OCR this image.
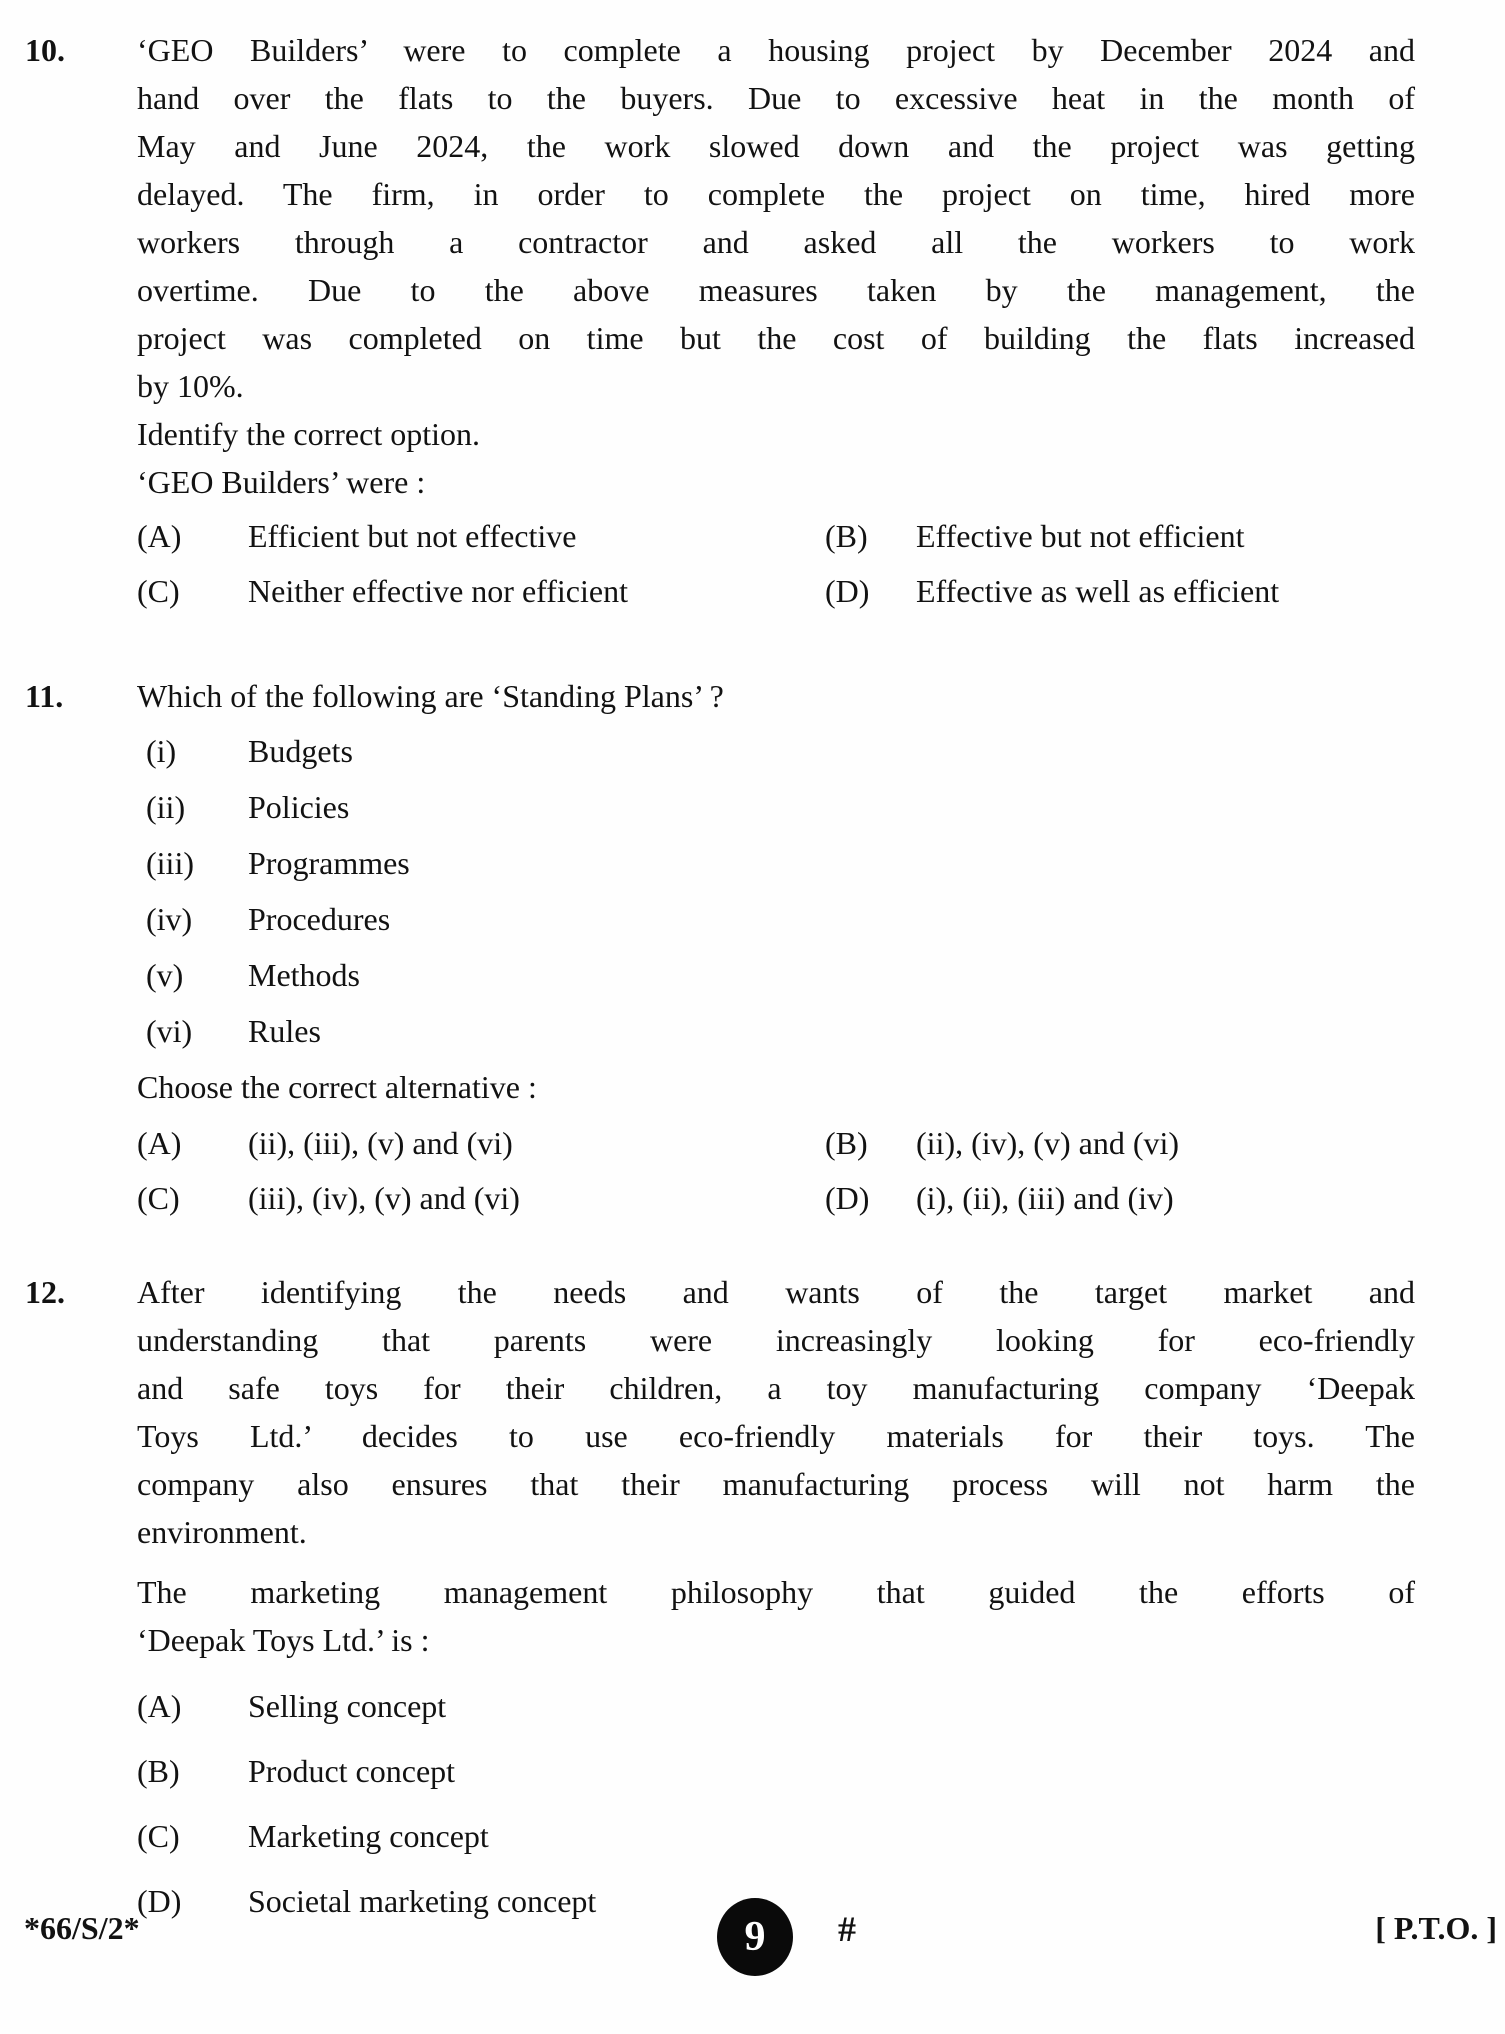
10. ‘GEO Builders’ were to complete a housing project by December 2024 and
hand over the flats to the buyers. Due to excessive heat in the month of
May and June 2024, the work slowed down and the project was getting
delayed. The firm, in order to complete the project on time, hired more
workers through a contractor and asked all the workers to work
overtime. Due to the above measures taken by the management, the
project was completed on time but the cost of building the flats increased
by 10%.
Identify the correct option.
‘GEO Builders’ were :
(A)	Efficient but not effective	(B)	Effective but not efficient
(C)	Neither effective nor efficient	(D)	Effective as well as efficient
11. Which of the following are ‘Standing Plans’ ?
(i)	Budgets
(ii)	Policies
(iii)	Programmes
(iv)	Procedures
(v)	Methods
(vi)	Rules
Choose the correct alternative :
(A)	(ii), (iii), (v) and (vi)	(B)	(ii), (iv), (v) and (vi)
(C)	(iii), (iv), (v) and (vi)	(D)	(i), (ii), (iii) and (iv)
12. After identifying the needs and wants of the target market and
understanding that parents were increasingly looking for eco-friendly
and safe toys for their children, a toy manufacturing company ‘Deepak
Toys Ltd.’ decides to use eco-friendly materials for their toys. The
company also ensures that their manufacturing process will not harm the
environment.
The marketing management philosophy that guided the efforts of
‘Deepak Toys Ltd.’ is :
(A)	Selling concept
(B)	Product concept
(C)	Marketing concept
(D)	Societal marketing concept
*66/S/2*	9 #	[ P.T.O. ]
